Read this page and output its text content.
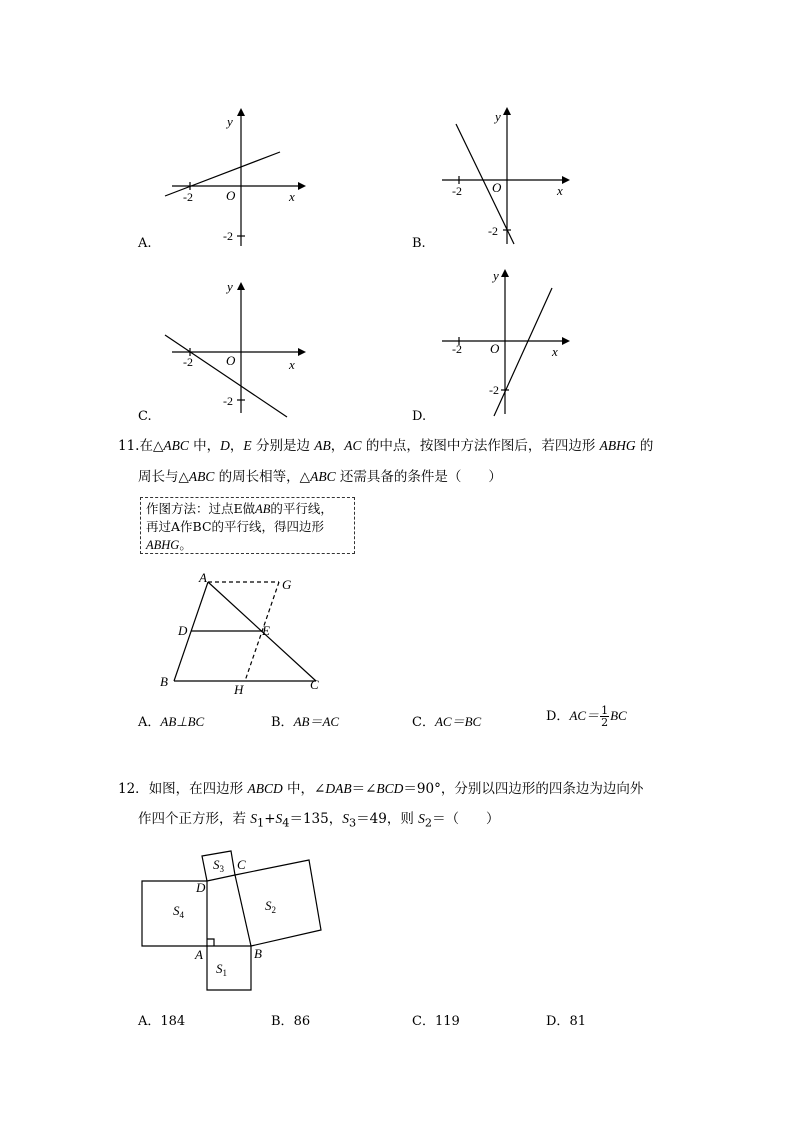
y
x
O
-2
-2
A.
y
x
O
-2
-2
B.
y
x
O
-2
-2
C.
y
x
O
-2
-2
D.
11.在△ABC 中，D，E 分别是边 AB，AC 的中点，按图中方法作图后，若四边形 ABHG 的
周长与△ABC 的周长相等，△ABC 还需具备的条件是（　　）
作图方法：过点E做AB的平行线，
再过A作BC的平行线，得四边形
ABHG。
A	G
D	E
B
H	C
A．AB⊥BC	B．AB＝AC	C．AC＝BC	D．$AC= \frac{1}{2}$ BC
12．如图，在四边形 ABCD 中，∠DAB＝∠BCD＝90°，分别以四边形的四条边为边向外
作四个正方形，若 $S_1+S_4=135$，$S_3=49$，则 $S_2=$（　　）
$S_1$
$S_2$
$S_3$
$S_4$
A	B
C
D
A．184	B．86	C．119	D．81
